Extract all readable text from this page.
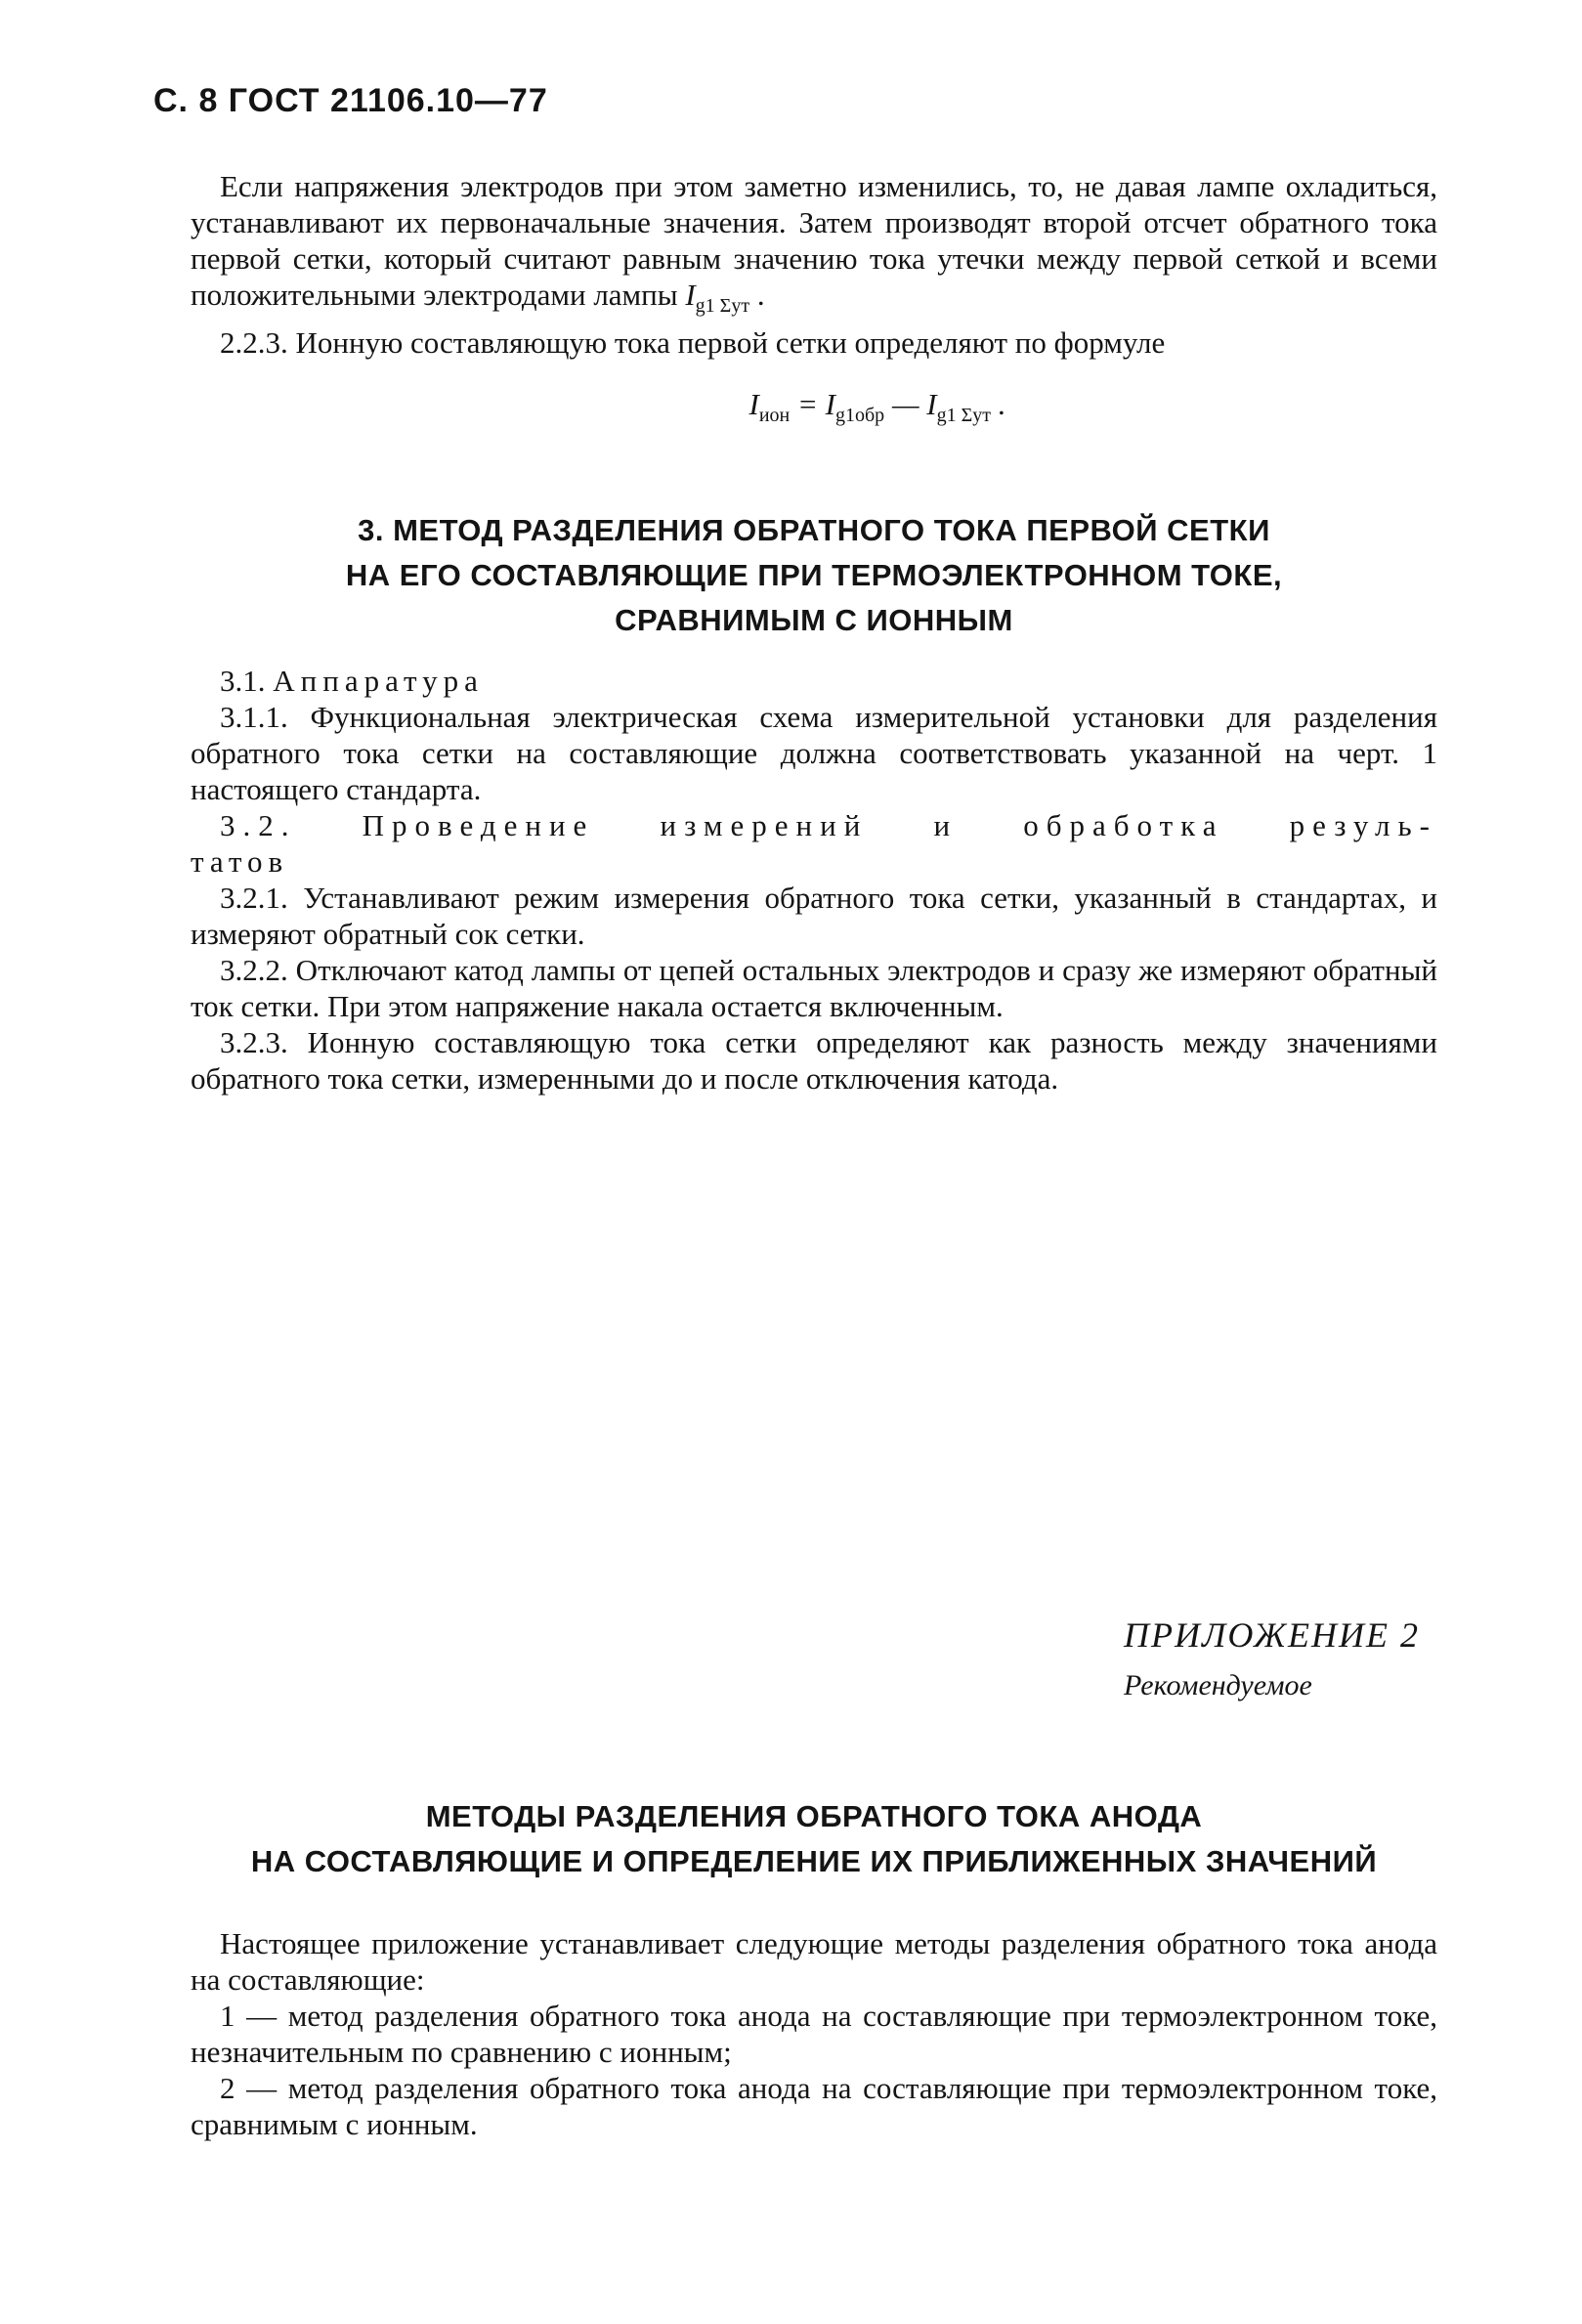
С. 8 ГОСТ 21106.10—77

Если напряжения электродов при этом заметно изменились, то, не давая лампе охладиться, устанавливают их первоначальные значения. Затем производят второй отсчет обратного тока первой сетки, который считают равным значению тока утечки между первой сеткой и всеми положительными электродами лампы $I_{g1 \Sigma ут}$ .

2.2.3. Ионную составляющую тока первой сетки определяют по формуле

$I_{ион} = I_{g1обр}$ — $I_{g1 \Sigma ут}$ .
3. МЕТОД РАЗДЕЛЕНИЯ ОБРАТНОГО ТОКА ПЕРВОЙ СЕТКИ
НА ЕГО СОСТАВЛЯЮЩИЕ ПРИ ТЕРМОЭЛЕКТРОННОМ ТОКЕ,
СРАВНИМЫМ С ИОННЫМ

3.1. Аппаратура

3.1.1. Функциональная электрическая схема измерительной установки для разделения обратного тока сетки на составляющие должна соответствовать указанной на черт. 1 настоящего стандарта.

3.2. Проведение измерений и обработка резуль-

татов

3.2.1. Устанавливают режим измерения обратного тока сетки, указанный в стандартах, и измеряют обратный сок сетки.

3.2.2. Отключают катод лампы от цепей остальных электродов и сразу же измеряют обратный ток сетки. При этом напряжение накала остается включенным.

3.2.3. Ионную составляющую тока сетки определяют как разность между значениями обратного тока сетки, измеренными до и после отключения катода.

ПРИЛОЖЕНИЕ 2
Рекомендуемое
МЕТОДЫ РАЗДЕЛЕНИЯ ОБРАТНОГО ТОКА АНОДА
НА СОСТАВЛЯЮЩИЕ И ОПРЕДЕЛЕНИЕ ИХ ПРИБЛИЖЕННЫХ ЗНАЧЕНИЙ

Настоящее приложение устанавливает следующие методы разделения обратного тока анода на составляющие:

1 — метод разделения обратного тока анода на составляющие при термоэлектронном токе, незначительным по сравнению с ионным;

2 — метод разделения обратного тока анода на составляющие при термоэлектронном токе, сравнимым с ионным.
